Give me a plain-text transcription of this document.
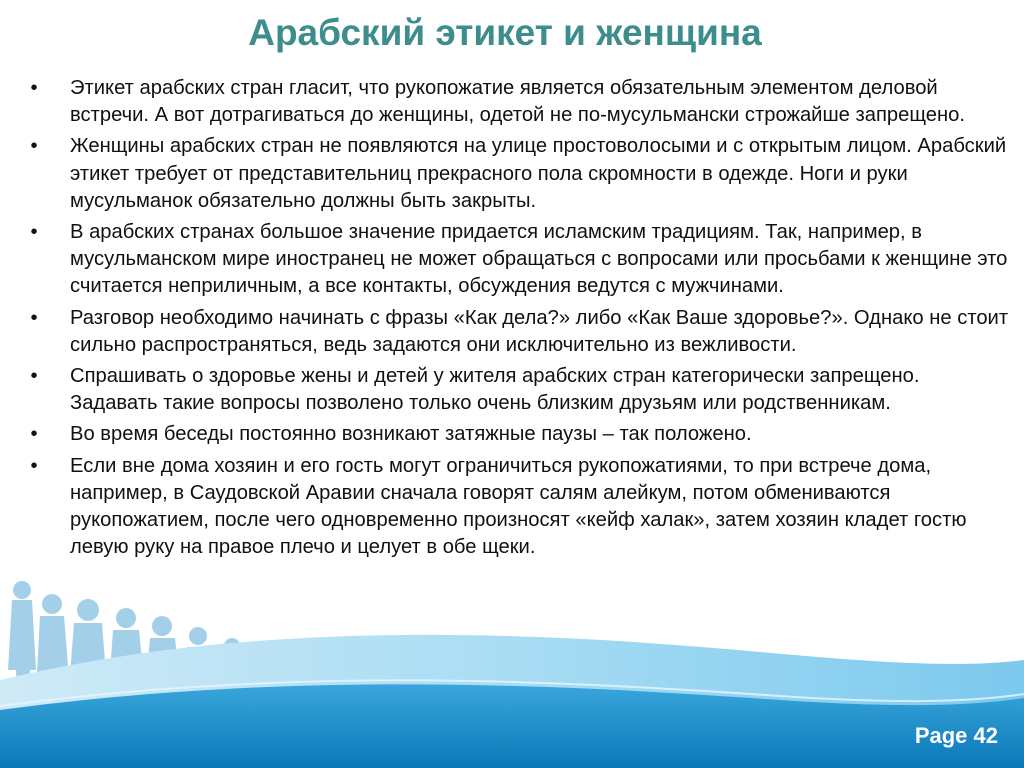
Арабский этикет и женщина
•	Этикет арабских стран гласит, что рукопожатие является обязательным элементом деловой встречи. А вот дотрагиваться до женщины, одетой не по-мусульмански строжайше запрещено.
•	Женщины арабских стран не появляются на улице простоволосыми и с открытым лицом. Арабский этикет требует от представительниц прекрасного пола скромности в одежде. Ноги и руки мусульманок обязательно должны быть закрыты.
•	В арабских странах большое значение придается исламским традициям. Так, например, в мусульманском мире иностранец не может обращаться с вопросами или просьбами к женщине это считается неприличным, а все контакты, обсуждения ведутся с мужчинами.
•	Разговор необходимо начинать с фразы «Как дела?» либо «Как Ваше здоровье?». Однако не стоит сильно распространяться, ведь задаются они исключительно из вежливости.
•	Спрашивать о здоровье жены и детей у жителя арабских стран категорически запрещено. Задавать такие вопросы позволено только очень близким друзьям или родственникам.
•	Во время беседы постоянно возникают затяжные паузы – так положено.
•	Если вне дома хозяин и его гость могут ограничиться рукопожатиями, то при встрече дома, например, в Саудовской Аравии сначала говорят салям алейкум, потом обмениваются рукопожатием, после чего одновременно произносят «кейф халак», затем хозяин кладет гостю левую руку на правое плечо и целует в обе щеки.
Page 42
